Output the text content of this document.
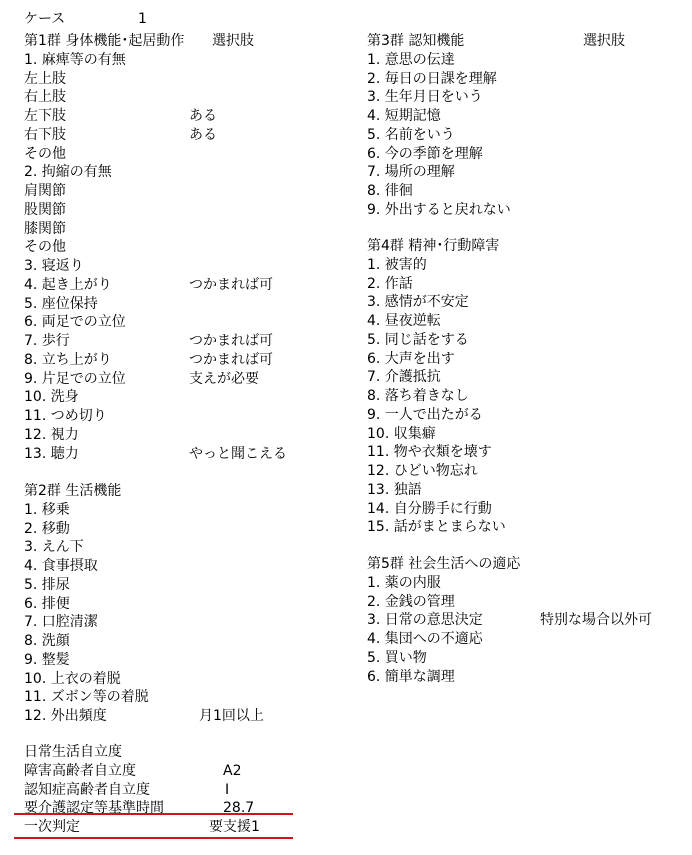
ケース	1
第1群 身体機能･起居動作 選択肢
1. 麻痺等の有無
左上肢
右上肢
左下肢	ある
右下肢	ある
その他
2. 拘縮の有無
肩関節
股関節
膝関節
その他
3. 寝返り
4. 起き上がり	つかまれば可
5. 座位保持
6. 両足での立位
7. 歩行	つかまれば可
8. 立ち上がり	つかまれば可
9. 片足での立位	支えが必要
10. 洗身
11. つめ切り
12. 視力
13. 聴力	やっと聞こえる
第2群 生活機能
1. 移乗
2. 移動
3. えん下
4. 食事摂取
5. 排尿
6. 排便
7. 口腔清潔
8. 洗顔
9. 整髪
10. 上衣の着脱
11. ズボン等の着脱
12. 外出頻度	月1回以上
第3群 認知機能	選択肢
1. 意思の伝達
2. 毎日の日課を理解
3. 生年月日をいう
4. 短期記憶
5. 名前をいう
6. 今の季節を理解
7. 場所の理解
8. 徘徊
9. 外出すると戻れない
第4群 精神･行動障害
1. 被害的
2. 作話
3. 感情が不安定
4. 昼夜逆転
5. 同じ話をする
6. 大声を出す
7. 介護抵抗
8. 落ち着きなし
9. 一人で出たがる
10. 収集癖
11. 物や衣類を壊す
12. ひどい物忘れ
13. 独語
14. 自分勝手に行動
15. 話がまとまらない
第5群 社会生活への適応
1. 薬の内服
2. 金銭の管理
3. 日常の意思決定	特別な場合以外可
4. 集団への不適応
5. 買い物
6. 簡単な調理
日常生活自立度
障害高齢者自立度	A2
認知症高齢者自立度	Ⅰ
要介護認定等基準時間	28.7
一次判定	要支援1
